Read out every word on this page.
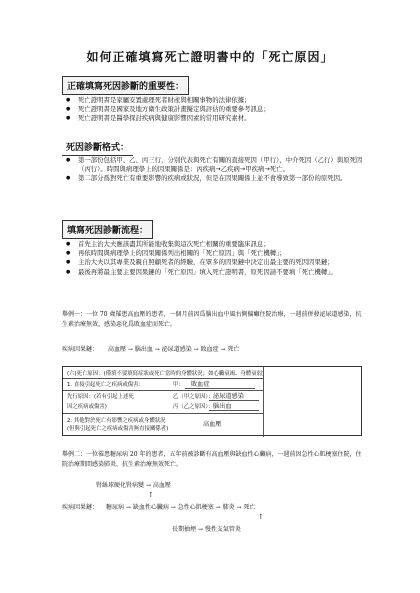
如何正確填寫死亡證明書中的「死亡原因」
正確填寫死因診斷的重要性：
● 死亡證明書是家屬安置處理死者財產與相關事物的法律依據；
● 死亡證明書是國家及地方衛生政策計畫擬定與評估的重要參考訊息；
● 死亡證明書是醫學探討疾病與健康影響因素的常用研究素材。
死因診斷格式：
● 第一部份包括甲、乙、丙三行，分別代表與死亡有關的直接死因（甲行）、中介死因（乙行）與原死因（丙行）。時間與病理學上的因果關係是：丙疾病→乙疾病→甲疾病→死亡。
● 第二部分爲對死亡有重要影響的疾病或狀況，但是在因果關係上並不會導致第一部份的原死因。
填寫死因診斷流程：
● 首先主治大夫應該盡其所能地收集與這次死亡相關的重要臨床訊息；
● 再依時間與病理學上的因果關係列出相關的「死亡原因」與「死亡機轉」；
● 主治大夫以其專業及親自照顧死者的經驗，在眾多的因果鏈中決定出最主要的死因因果鏈；
● 最後再將最主要主要因果鏈的「死亡原因」填入死亡證明書，原死因請不要填「死亡機轉」。
舉例一：一位 70 歲罹患高血壓的患者，一個月前因爲腦出血中風右側偏癱住院治療，一週前併發泌尿道感染，抗生素治療無效，感染惡化爲敗血症而死亡。
疾病因果鏈： 高血壓 → 腦出血 → 泌尿道感染 → 敗血症 → 死亡
(六)死亡原因：(僅填不要填寫症狀或死亡當時的身體狀況；如心臟衰竭、身體衰弱)
1. 直接引起死亡之疾病或傷害：	甲： 敗血症
先行原因：(若有引起上述死	乙（甲之原因）： 泌尿道感染
因之疾病或傷害)	丙（乙之原因）： 腦出血
2. 其他對於死亡有影響之疾病或身體狀況
(但與引起死亡之疾病或傷害無直接關係者)
高血壓
舉例二：一位罹患糖尿病 20 年的患者，五年前被診斷有高血壓與缺血性心臟病，一週前因急性心肌梗塞住院，住院治療期間感染肺炎，抗生素治療無效死亡。
腎絲球硬化腎病變 → 高血壓
↑
疾病因果鏈： 糖尿病 → 缺血性心臟病 → 急性心肌梗塞 → 肺炎 → 死亡
↑
長期抽煙 → 慢性支氣管炎
